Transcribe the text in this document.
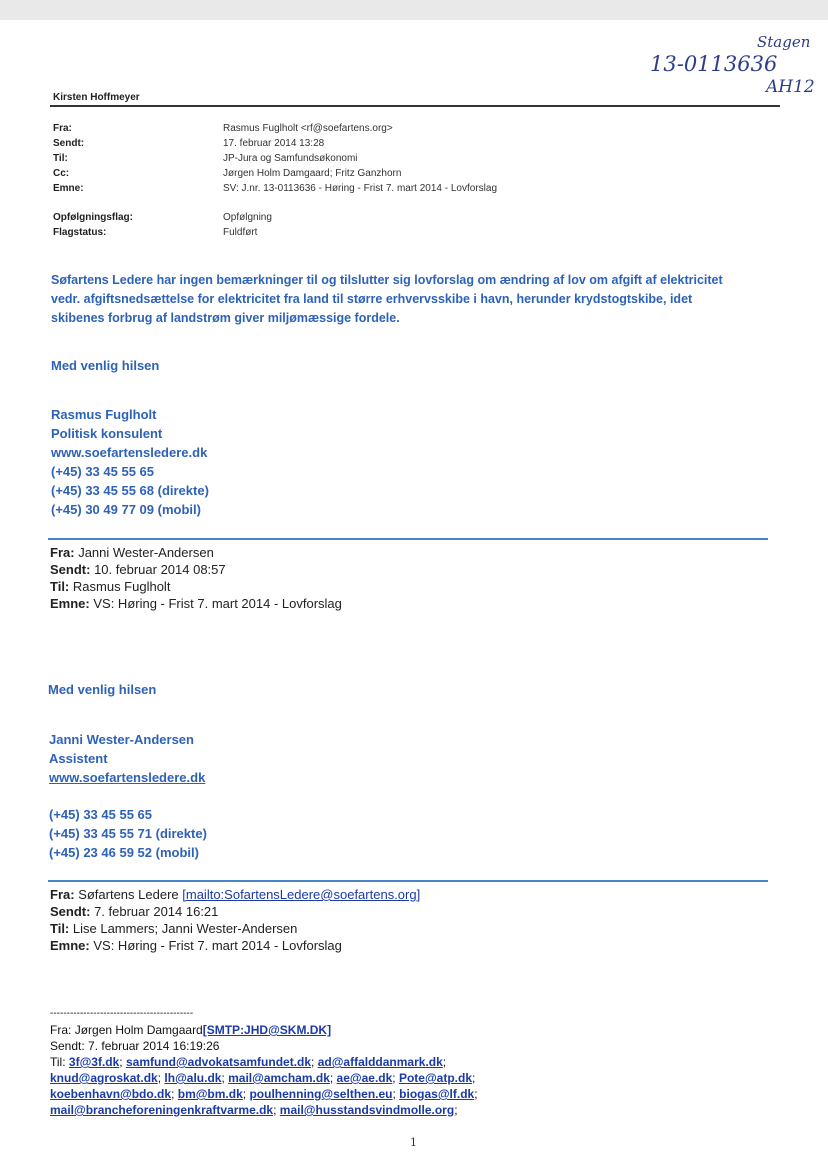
Stagen
13-0113636
AH12
Kirsten Hoffmeyer
Fra:	Rasmus Fuglholt <rf@soefartens.org>
Sendt:	17. februar 2014 13:28
Til:	JP-Jura og Samfundsøkonomi
Cc:	Jørgen Holm Damgaard; Fritz Ganzhorn
Emne:	SV: J.nr. 13-0113636 - Høring - Frist 7. mart 2014 - Lovforslag
Opfølgningsflag:	Opfølgning
Flagstatus:	Fuldført
Søfartens Ledere har ingen bemærkninger til og tilslutter sig lovforslag om ændring af lov om afgift af elektricitet
vedr. afgiftsnedsættelse for elektricitet fra land til større erhvervsskibe i havn, herunder krydstogtskibe, idet
skibenes forbrug af landstrøm giver miljømæssige fordele.
Med venlig hilsen
Rasmus Fuglholt
Politisk konsulent
www.soefartensledere.dk
(+45) 33 45 55 65
(+45) 33 45 55 68 (direkte)
(+45) 30 49 77 09 (mobil)
Fra: Janni Wester-Andersen
Sendt: 10. februar 2014 08:57
Til: Rasmus Fuglholt
Emne: VS: Høring - Frist 7. mart 2014 - Lovforslag
Med venlig hilsen
Janni Wester-Andersen
Assistent
www.soefartensledere.dk
(+45) 33 45 55 65
(+45) 33 45 55 71 (direkte)
(+45) 23 46 59 52 (mobil)
Fra: Søfartens Ledere [mailto:SofartensLedere@soefartens.org]
Sendt: 7. februar 2014 16:21
Til: Lise Lammers; Janni Wester-Andersen
Emne: VS: Høring - Frist 7. mart 2014 - Lovforslag
-------------------------------------------
Fra: Jørgen Holm Damgaard[SMTP:JHD@SKM.DK]
Sendt: 7. februar 2014 16:19:26
Til: 3f@3f.dk; samfund@advokatsamfundet.dk; ad@affalddanmark.dk;
knud@agroskat.dk; lh@alu.dk; mail@amcham.dk; ae@ae.dk; Pote@atp.dk;
koebenhavn@bdo.dk; bm@bm.dk; poulhenning@selthen.eu; biogas@lf.dk;
mail@brancheforeningenkraftvarme.dk; mail@husstandsvindmolle.org;
1
